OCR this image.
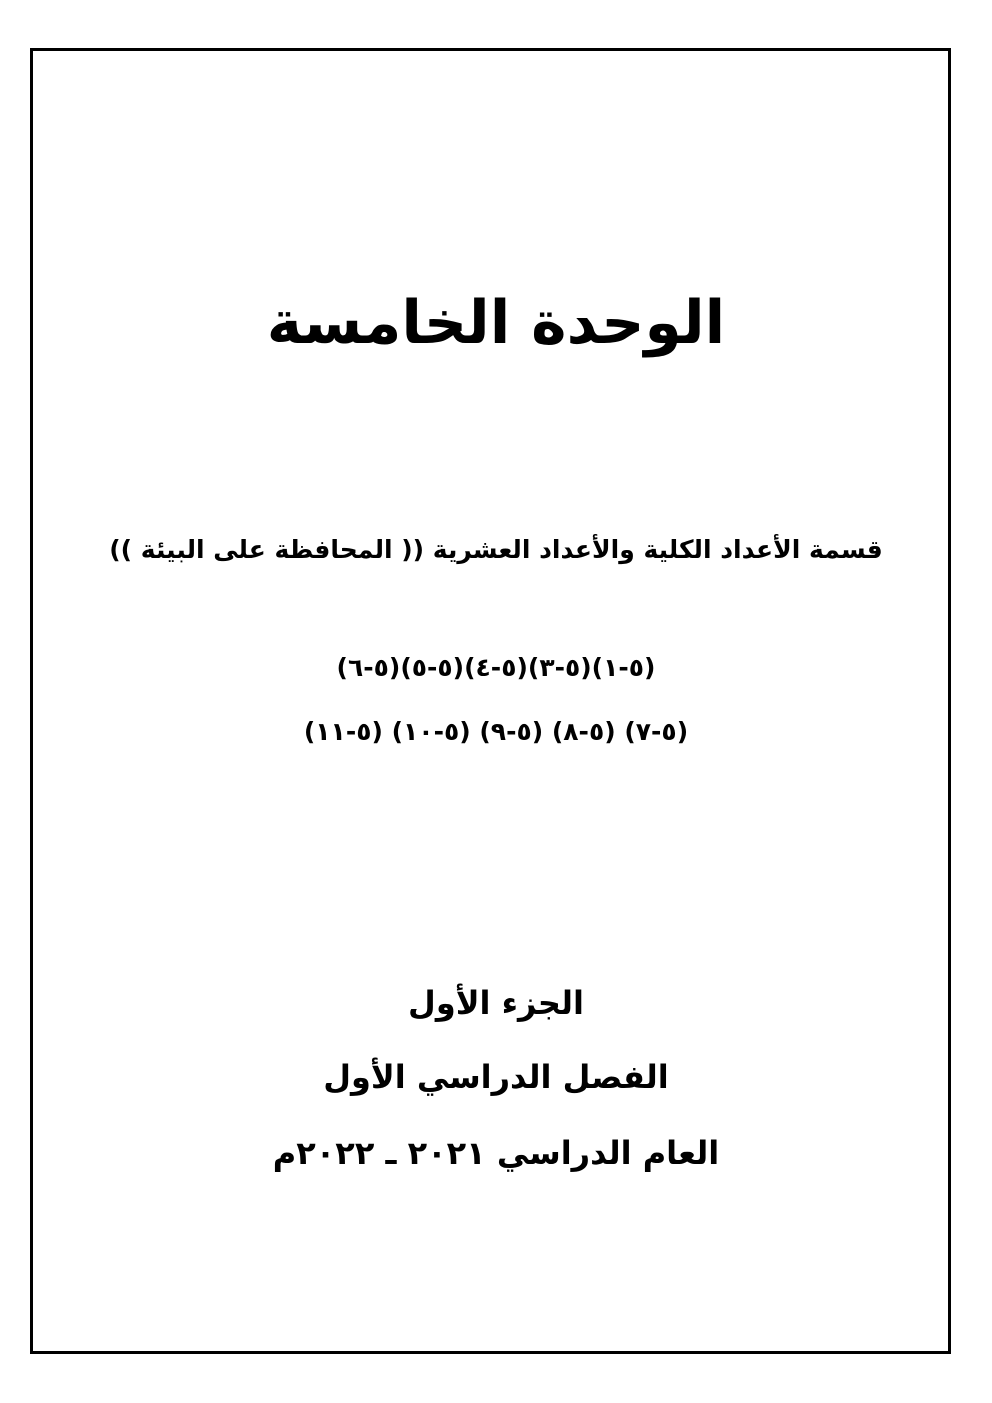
الوحدة الخامسة
قسمة الأعداد الكلية والأعداد العشرية (( المحافظة على البيئة ))
(٥-١)(٥-٣)(٥-٤)(٥-٥)(٥-٦)
(٥-٧) (٥-٨) (٥-٩) (٥-١٠) (٥-١١)
الجزء الأول
الفصل الدراسي الأول
العام الدراسي ٢٠٢١ ـ ٢٠٢٢م
